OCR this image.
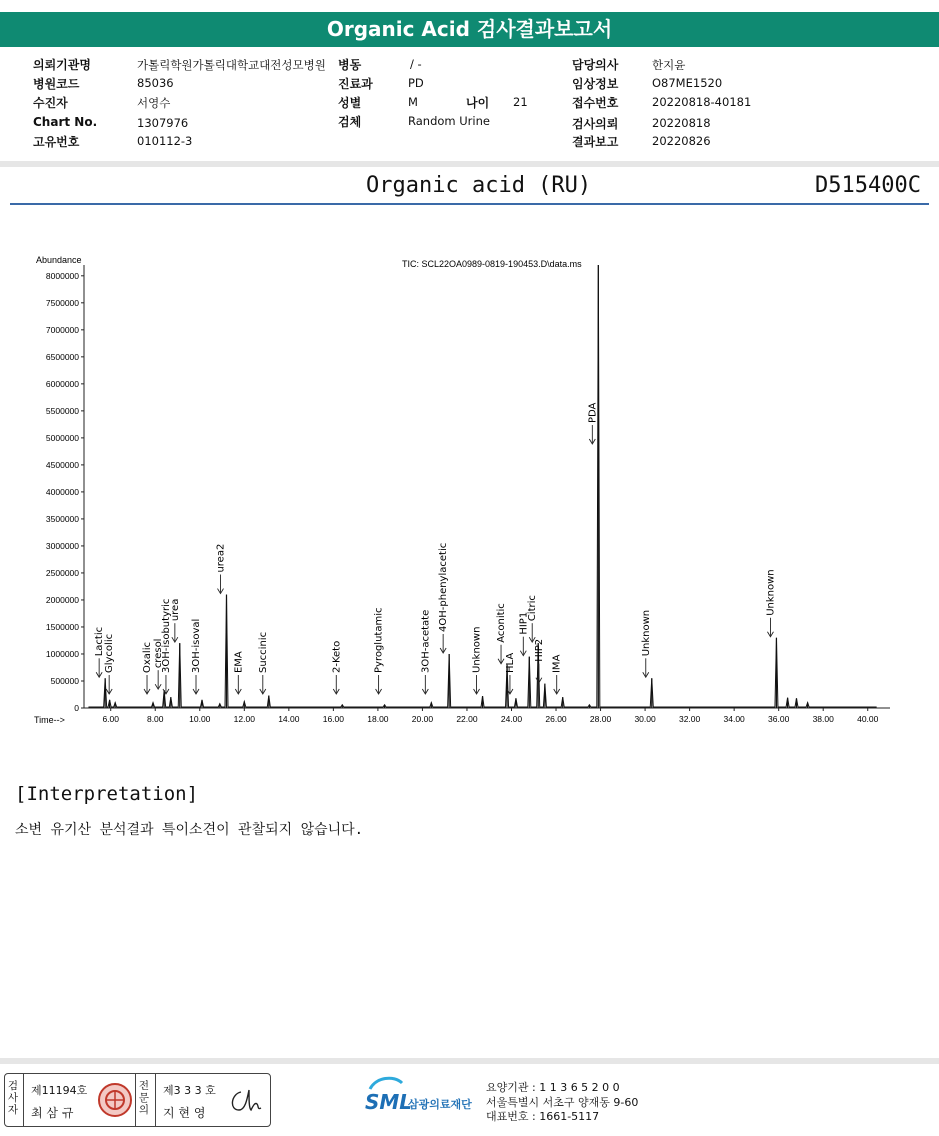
Organic Acid 검사결과보고서
의뢰기관명	가톨릭학원가톨릭대학교대전성모병원 병동	/ -	담당의사	한지윤
병원코드	85036	진료과	PD	임상정보	O87ME1520
수진자	서영수	성별	M	나이 21	접수번호	20220818-40181
Chart No.	1307976	검체	Random Urine	검사의뢰	20220818
고유번호	010112-3	결과보고	20220826
Organic acid (RU)	D515400C
Abundance
Time-->
TIC: SCL22OA0989-0819-190453.D\data.ms
0
500000
1000000
1500000
2000000
2500000
3000000
3500000
4000000
4500000
5000000
5500000
6000000
6500000
7000000
7500000
8000000
6.00	8.00	10.00	12.00	14.00	16.00	18.00	20.00	22.00	24.00	26.00	28.00	30.00	32.00	34.00	36.00	38.00	40.00
Lactic Glycolic	Oxalic cresol
3OH-isobutyric
urea
3OH-isoval
urea2
EMA Succinic	2-Keto	Pyroglutamic	3OH-acetate
4OH-phenylacetic
Unknown
Aconitic
HLA
HIP1
Citric
HIP2
IMA
PDA
Unknown
Unknown
[Interpretation]
소변 유기산 분석결과 특이소견이 관찰되지 않습니다.
검사자
제11194호
최 삼 규
전문의
제3 3 3 호
지 현 영	SML
삼광의료재단
요양기관 : 1 1 3 6 5 2 0 0
서울특별시 서초구 양재동 9-60
대표번호 : 1661-5117
